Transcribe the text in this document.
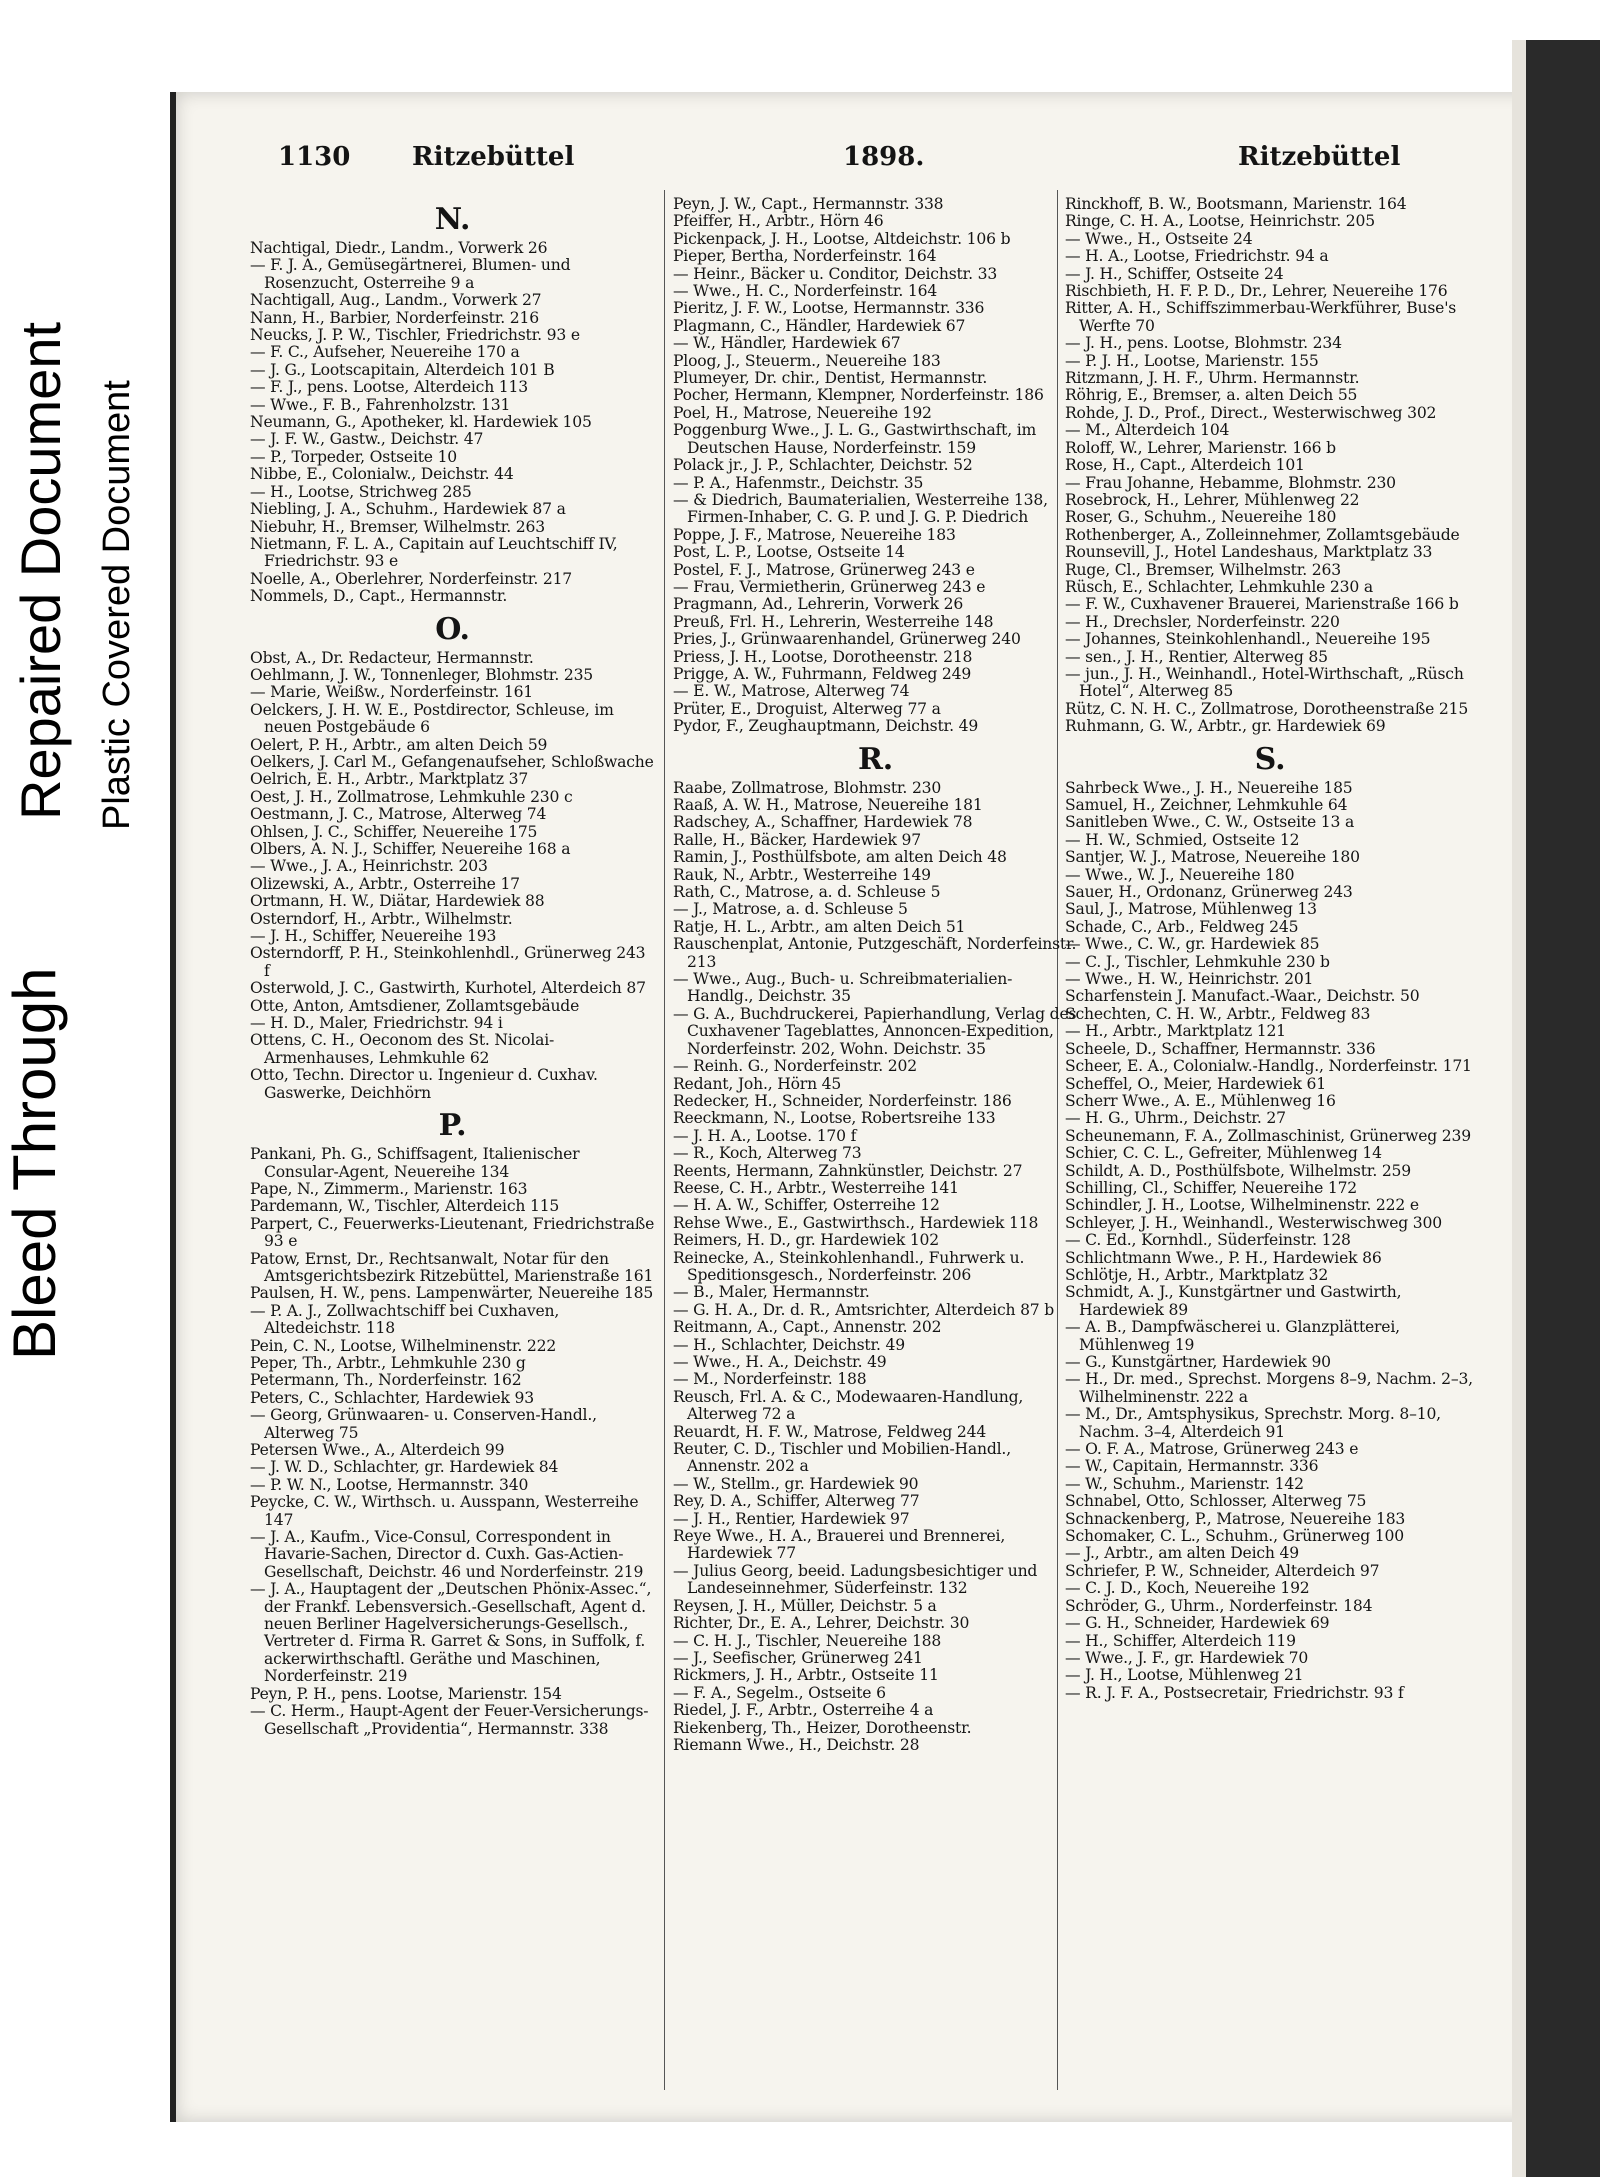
Bleed Through
Repaired Document Plastic Covered Document
1130 Ritzebüttel	1898.	Ritzebüttel
N.
Nachtigal, Diedr., Landm., Vorwerk 26
— F. J. A., Gemüsegärtnerei, Blumen- und Rosenzucht, Osterreihe 9 a
Nachtigall, Aug., Landm., Vorwerk 27
Nann, H., Barbier, Norderfeinstr. 216
Neucks, J. P. W., Tischler, Friedrichstr. 93 e
— F. C., Aufseher, Neuereihe 170 a
— J. G., Lootscapitain, Alterdeich 101 B
— F. J., pens. Lootse, Alterdeich 113
— Wwe., F. B., Fahrenholzstr. 131
Neumann, G., Apotheker, kl. Hardewiek 105
— J. F. W., Gastw., Deichstr. 47
— P., Torpeder, Ostseite 10
Nibbe, E., Colonialw., Deichstr. 44
— H., Lootse, Strichweg 285
Niebling, J. A., Schuhm., Hardewiek 87 a
Niebuhr, H., Bremser, Wilhelmstr. 263
Nietmann, F. L. A., Capitain auf Leuchtschiff IV, Friedrichstr. 93 e
Noelle, A., Oberlehrer, Norderfeinstr. 217
Nommels, D., Capt., Hermannstr.
O.
Obst, A., Dr. Redacteur, Hermannstr.
Oehlmann, J. W., Tonnenleger, Blohmstr. 235
— Marie, Weißw., Norderfeinstr. 161
Oelckers, J. H. W. E., Postdirector, Schleuse, im neuen Postgebäude 6
Oelert, P. H., Arbtr., am alten Deich 59
Oelkers, J. Carl M., Gefangenaufseher, Schloßwache
Oelrich, E. H., Arbtr., Marktplatz 37
Oest, J. H., Zollmatrose, Lehmkuhle 230 c
Oestmann, J. C., Matrose, Alterweg 74
Ohlsen, J. C., Schiffer, Neuereihe 175
Olbers, A. N. J., Schiffer, Neuereihe 168 a
— Wwe., J. A., Heinrichstr. 203
Olizewski, A., Arbtr., Osterreihe 17
Ortmann, H. W., Diätar, Hardewiek 88
Osterndorf, H., Arbtr., Wilhelmstr.
— J. H., Schiffer, Neuereihe 193
Osterndorff, P. H., Steinkohlenhdl., Grünerweg 243 f
Osterwold, J. C., Gastwirth, Kurhotel, Alterdeich 87
Otte, Anton, Amtsdiener, Zollamtsgebäude
— H. D., Maler, Friedrichstr. 94 i
Ottens, C. H., Oeconom des St. Nicolai-Armenhauses, Lehmkuhle 62
Otto, Techn. Director u. Ingenieur d. Cuxhav. Gaswerke, Deichhörn
P.
Pankani, Ph. G., Schiffsagent, Italienischer Consular-Agent, Neuereihe 134
Pape, N., Zimmerm., Marienstr. 163
Pardemann, W., Tischler, Alterdeich 115
Parpert, C., Feuerwerks-Lieutenant, Friedrichstraße 93 e
Patow, Ernst, Dr., Rechtsanwalt, Notar für den Amtsgerichtsbezirk Ritzebüttel, Marienstraße 161
Paulsen, H. W., pens. Lampenwärter, Neuereihe 185
— P. A. J., Zollwachtschiff bei Cuxhaven, Altedeichstr. 118
Pein, C. N., Lootse, Wilhelminenstr. 222
Peper, Th., Arbtr., Lehmkuhle 230 g
Petermann, Th., Norderfeinstr. 162
Peters, C., Schlachter, Hardewiek 93
— Georg, Grünwaaren- u. Conserven-Handl., Alterweg 75
Petersen Wwe., A., Alterdeich 99
— J. W. D., Schlachter, gr. Hardewiek 84
— P. W. N., Lootse, Hermannstr. 340
Peycke, C. W., Wirthsch. u. Ausspann, Westerreihe 147
— J. A., Kaufm., Vice-Consul, Correspondent in Havarie-Sachen, Director d. Cuxh. Gas-Actien-Gesellschaft, Deichstr. 46 und Norderfeinstr. 219
— J. A., Hauptagent der „Deutschen Phönix-Assec.“, der Frankf. Lebensversich.-Gesellschaft, Agent d. neuen Berliner Hagelversicherungs-Gesellsch., Vertreter d. Firma R. Garret & Sons, in Suffolk, f. ackerwirthschaftl. Geräthe und Maschinen, Norderfeinstr. 219
Peyn, P. H., pens. Lootse, Marienstr. 154
— C. Herm., Haupt-Agent der Feuer-Versicherungs-Gesellschaft „Providentia“, Hermannstr. 338
Peyn, J. W., Capt., Hermannstr. 338
Pfeiffer, H., Arbtr., Hörn 46
Pickenpack, J. H., Lootse, Altdeichstr. 106 b
Pieper, Bertha, Norderfeinstr. 164
— Heinr., Bäcker u. Conditor, Deichstr. 33
— Wwe., H. C., Norderfeinstr. 164
Pieritz, J. F. W., Lootse, Hermannstr. 336
Plagmann, C., Händler, Hardewiek 67
— W., Händler, Hardewiek 67
Ploog, J., Steuerm., Neuereihe 183
Plumeyer, Dr. chir., Dentist, Hermannstr.
Pocher, Hermann, Klempner, Norderfeinstr. 186
Poel, H., Matrose, Neuereihe 192
Poggenburg Wwe., J. L. G., Gastwirthschaft, im Deutschen Hause, Norderfeinstr. 159
Polack jr., J. P., Schlachter, Deichstr. 52
— P. A., Hafenmstr., Deichstr. 35
— & Diedrich, Baumaterialien, Westerreihe 138, Firmen-Inhaber, C. G. P. und J. G. P. Diedrich
Poppe, J. F., Matrose, Neuereihe 183
Post, L. P., Lootse, Ostseite 14
Postel, F. J., Matrose, Grünerweg 243 e
— Frau, Vermietherin, Grünerweg 243 e
Pragmann, Ad., Lehrerin, Vorwerk 26
Preuß, Frl. H., Lehrerin, Westerreihe 148
Pries, J., Grünwaarenhandel, Grünerweg 240
Priess, J. H., Lootse, Dorotheenstr. 218
Prigge, A. W., Fuhrmann, Feldweg 249
— E. W., Matrose, Alterweg 74
Prüter, E., Droguist, Alterweg 77 a
Pydor, F., Zeughauptmann, Deichstr. 49
R.
Raabe, Zollmatrose, Blohmstr. 230
Raaß, A. W. H., Matrose, Neuereihe 181
Radschey, A., Schaffner, Hardewiek 78
Ralle, H., Bäcker, Hardewiek 97
Ramin, J., Posthülfsbote, am alten Deich 48
Rauk, N., Arbtr., Westerreihe 149
Rath, C., Matrose, a. d. Schleuse 5
— J., Matrose, a. d. Schleuse 5
Ratje, H. L., Arbtr., am alten Deich 51
Rauschenplat, Antonie, Putzgeschäft, Norderfeinstr. 213
— Wwe., Aug., Buch- u. Schreibmaterialien-Handlg., Deichstr. 35
— G. A., Buchdruckerei, Papierhandlung, Verlag des Cuxhavener Tageblattes, Annoncen-Expedition, Norderfeinstr. 202, Wohn. Deichstr. 35
— Reinh. G., Norderfeinstr. 202
Redant, Joh., Hörn 45
Redecker, H., Schneider, Norderfeinstr. 186
Reeckmann, N., Lootse, Robertsreihe 133
— J. H. A., Lootse. 170 f
— R., Koch, Alterweg 73
Reents, Hermann, Zahnkünstler, Deichstr. 27
Reese, C. H., Arbtr., Westerreihe 141
— H. A. W., Schiffer, Osterreihe 12
Rehse Wwe., E., Gastwirthsch., Hardewiek 118
Reimers, H. D., gr. Hardewiek 102
Reinecke, A., Steinkohlenhandl., Fuhrwerk u. Speditionsgesch., Norderfeinstr. 206
— B., Maler, Hermannstr.
— G. H. A., Dr. d. R., Amtsrichter, Alterdeich 87 b
Reitmann, A., Capt., Annenstr. 202
— H., Schlachter, Deichstr. 49
— Wwe., H. A., Deichstr. 49
— M., Norderfeinstr. 188
Reusch, Frl. A. & C., Modewaaren-Handlung, Alterweg 72 a
Reuardt, H. F. W., Matrose, Feldweg 244
Reuter, C. D., Tischler und Mobilien-Handl., Annenstr. 202 a
— W., Stellm., gr. Hardewiek 90
Rey, D. A., Schiffer, Alterweg 77
— J. H., Rentier, Hardewiek 97
Reye Wwe., H. A., Brauerei und Brennerei, Hardewiek 77
— Julius Georg, beeid. Ladungsbesichtiger und Landeseinnehmer, Süderfeinstr. 132
Reysen, J. H., Müller, Deichstr. 5 a
Richter, Dr., E. A., Lehrer, Deichstr. 30
— C. H. J., Tischler, Neuereihe 188
— J., Seefischer, Grünerweg 241
Rickmers, J. H., Arbtr., Ostseite 11
— F. A., Segelm., Ostseite 6
Riedel, J. F., Arbtr., Osterreihe 4 a
Riekenberg, Th., Heizer, Dorotheenstr.
Riemann Wwe., H., Deichstr. 28
Rinckhoff, B. W., Bootsmann, Marienstr. 164
Ringe, C. H. A., Lootse, Heinrichstr. 205
— Wwe., H., Ostseite 24
— H. A., Lootse, Friedrichstr. 94 a
— J. H., Schiffer, Ostseite 24
Rischbieth, H. F. P. D., Dr., Lehrer, Neuereihe 176
Ritter, A. H., Schiffszimmerbau-Werkführer, Buse's Werfte 70
— J. H., pens. Lootse, Blohmstr. 234
— P. J. H., Lootse, Marienstr. 155
Ritzmann, J. H. F., Uhrm. Hermannstr.
Röhrig, E., Bremser, a. alten Deich 55
Rohde, J. D., Prof., Direct., Westerwischweg 302
— M., Alterdeich 104
Roloff, W., Lehrer, Marienstr. 166 b
Rose, H., Capt., Alterdeich 101
— Frau Johanne, Hebamme, Blohmstr. 230
Rosebrock, H., Lehrer, Mühlenweg 22
Roser, G., Schuhm., Neuereihe 180
Rothenberger, A., Zolleinnehmer, Zollamtsgebäude
Rounsevill, J., Hotel Landeshaus, Marktplatz 33
Ruge, Cl., Bremser, Wilhelmstr. 263
Rüsch, E., Schlachter, Lehmkuhle 230 a
— F. W., Cuxhavener Brauerei, Marienstraße 166 b
— H., Drechsler, Norderfeinstr. 220
— Johannes, Steinkohlenhandl., Neuereihe 195
— sen., J. H., Rentier, Alterweg 85
— jun., J. H., Weinhandl., Hotel-Wirthschaft, „Rüsch Hotel“, Alterweg 85
Rütz, C. N. H. C., Zollmatrose, Dorotheenstraße 215
Ruhmann, G. W., Arbtr., gr. Hardewiek 69
S.
Sahrbeck Wwe., J. H., Neuereihe 185
Samuel, H., Zeichner, Lehmkuhle 64
Sanitleben Wwe., C. W., Ostseite 13 a
— H. W., Schmied, Ostseite 12
Santjer, W. J., Matrose, Neuereihe 180
— Wwe., W. J., Neuereihe 180
Sauer, H., Ordonanz, Grünerweg 243
Saul, J., Matrose, Mühlenweg 13
Schade, C., Arb., Feldweg 245
— Wwe., C. W., gr. Hardewiek 85
— C. J., Tischler, Lehmkuhle 230 b
— Wwe., H. W., Heinrichstr. 201
Scharfenstein J. Manufact.-Waar., Deichstr. 50
Schechten, C. H. W., Arbtr., Feldweg 83
— H., Arbtr., Marktplatz 121
Scheele, D., Schaffner, Hermannstr. 336
Scheer, E. A., Colonialw.-Handlg., Norderfeinstr. 171
Scheffel, O., Meier, Hardewiek 61
Scherr Wwe., A. E., Mühlenweg 16
— H. G., Uhrm., Deichstr. 27
Scheunemann, F. A., Zollmaschinist, Grünerweg 239
Schier, C. C. L., Gefreiter, Mühlenweg 14
Schildt, A. D., Posthülfsbote, Wilhelmstr. 259
Schilling, Cl., Schiffer, Neuereihe 172
Schindler, J. H., Lootse, Wilhelminenstr. 222 e
Schleyer, J. H., Weinhandl., Westerwischweg 300
— C. Ed., Kornhdl., Süderfeinstr. 128
Schlichtmann Wwe., P. H., Hardewiek 86
Schlötje, H., Arbtr., Marktplatz 32
Schmidt, A. J., Kunstgärtner und Gastwirth, Hardewiek 89
— A. B., Dampfwäscherei u. Glanzplätterei, Mühlenweg 19
— G., Kunstgärtner, Hardewiek 90
— H., Dr. med., Sprechst. Morgens 8–9, Nachm. 2–3, Wilhelminenstr. 222 a
— M., Dr., Amtsphysikus, Sprechstr. Morg. 8–10, Nachm. 3–4, Alterdeich 91
— O. F. A., Matrose, Grünerweg 243 e
— W., Capitain, Hermannstr. 336
— W., Schuhm., Marienstr. 142
Schnabel, Otto, Schlosser, Alterweg 75
Schnackenberg, P., Matrose, Neuereihe 183
Schomaker, C. L., Schuhm., Grünerweg 100
— J., Arbtr., am alten Deich 49
Schriefer, P. W., Schneider, Alterdeich 97
— C. J. D., Koch, Neuereihe 192
Schröder, G., Uhrm., Norderfeinstr. 184
— G. H., Schneider, Hardewiek 69
— H., Schiffer, Alterdeich 119
— Wwe., J. F., gr. Hardewiek 70
— J. H., Lootse, Mühlenweg 21
— R. J. F. A., Postsecretair, Friedrichstr. 93 f
